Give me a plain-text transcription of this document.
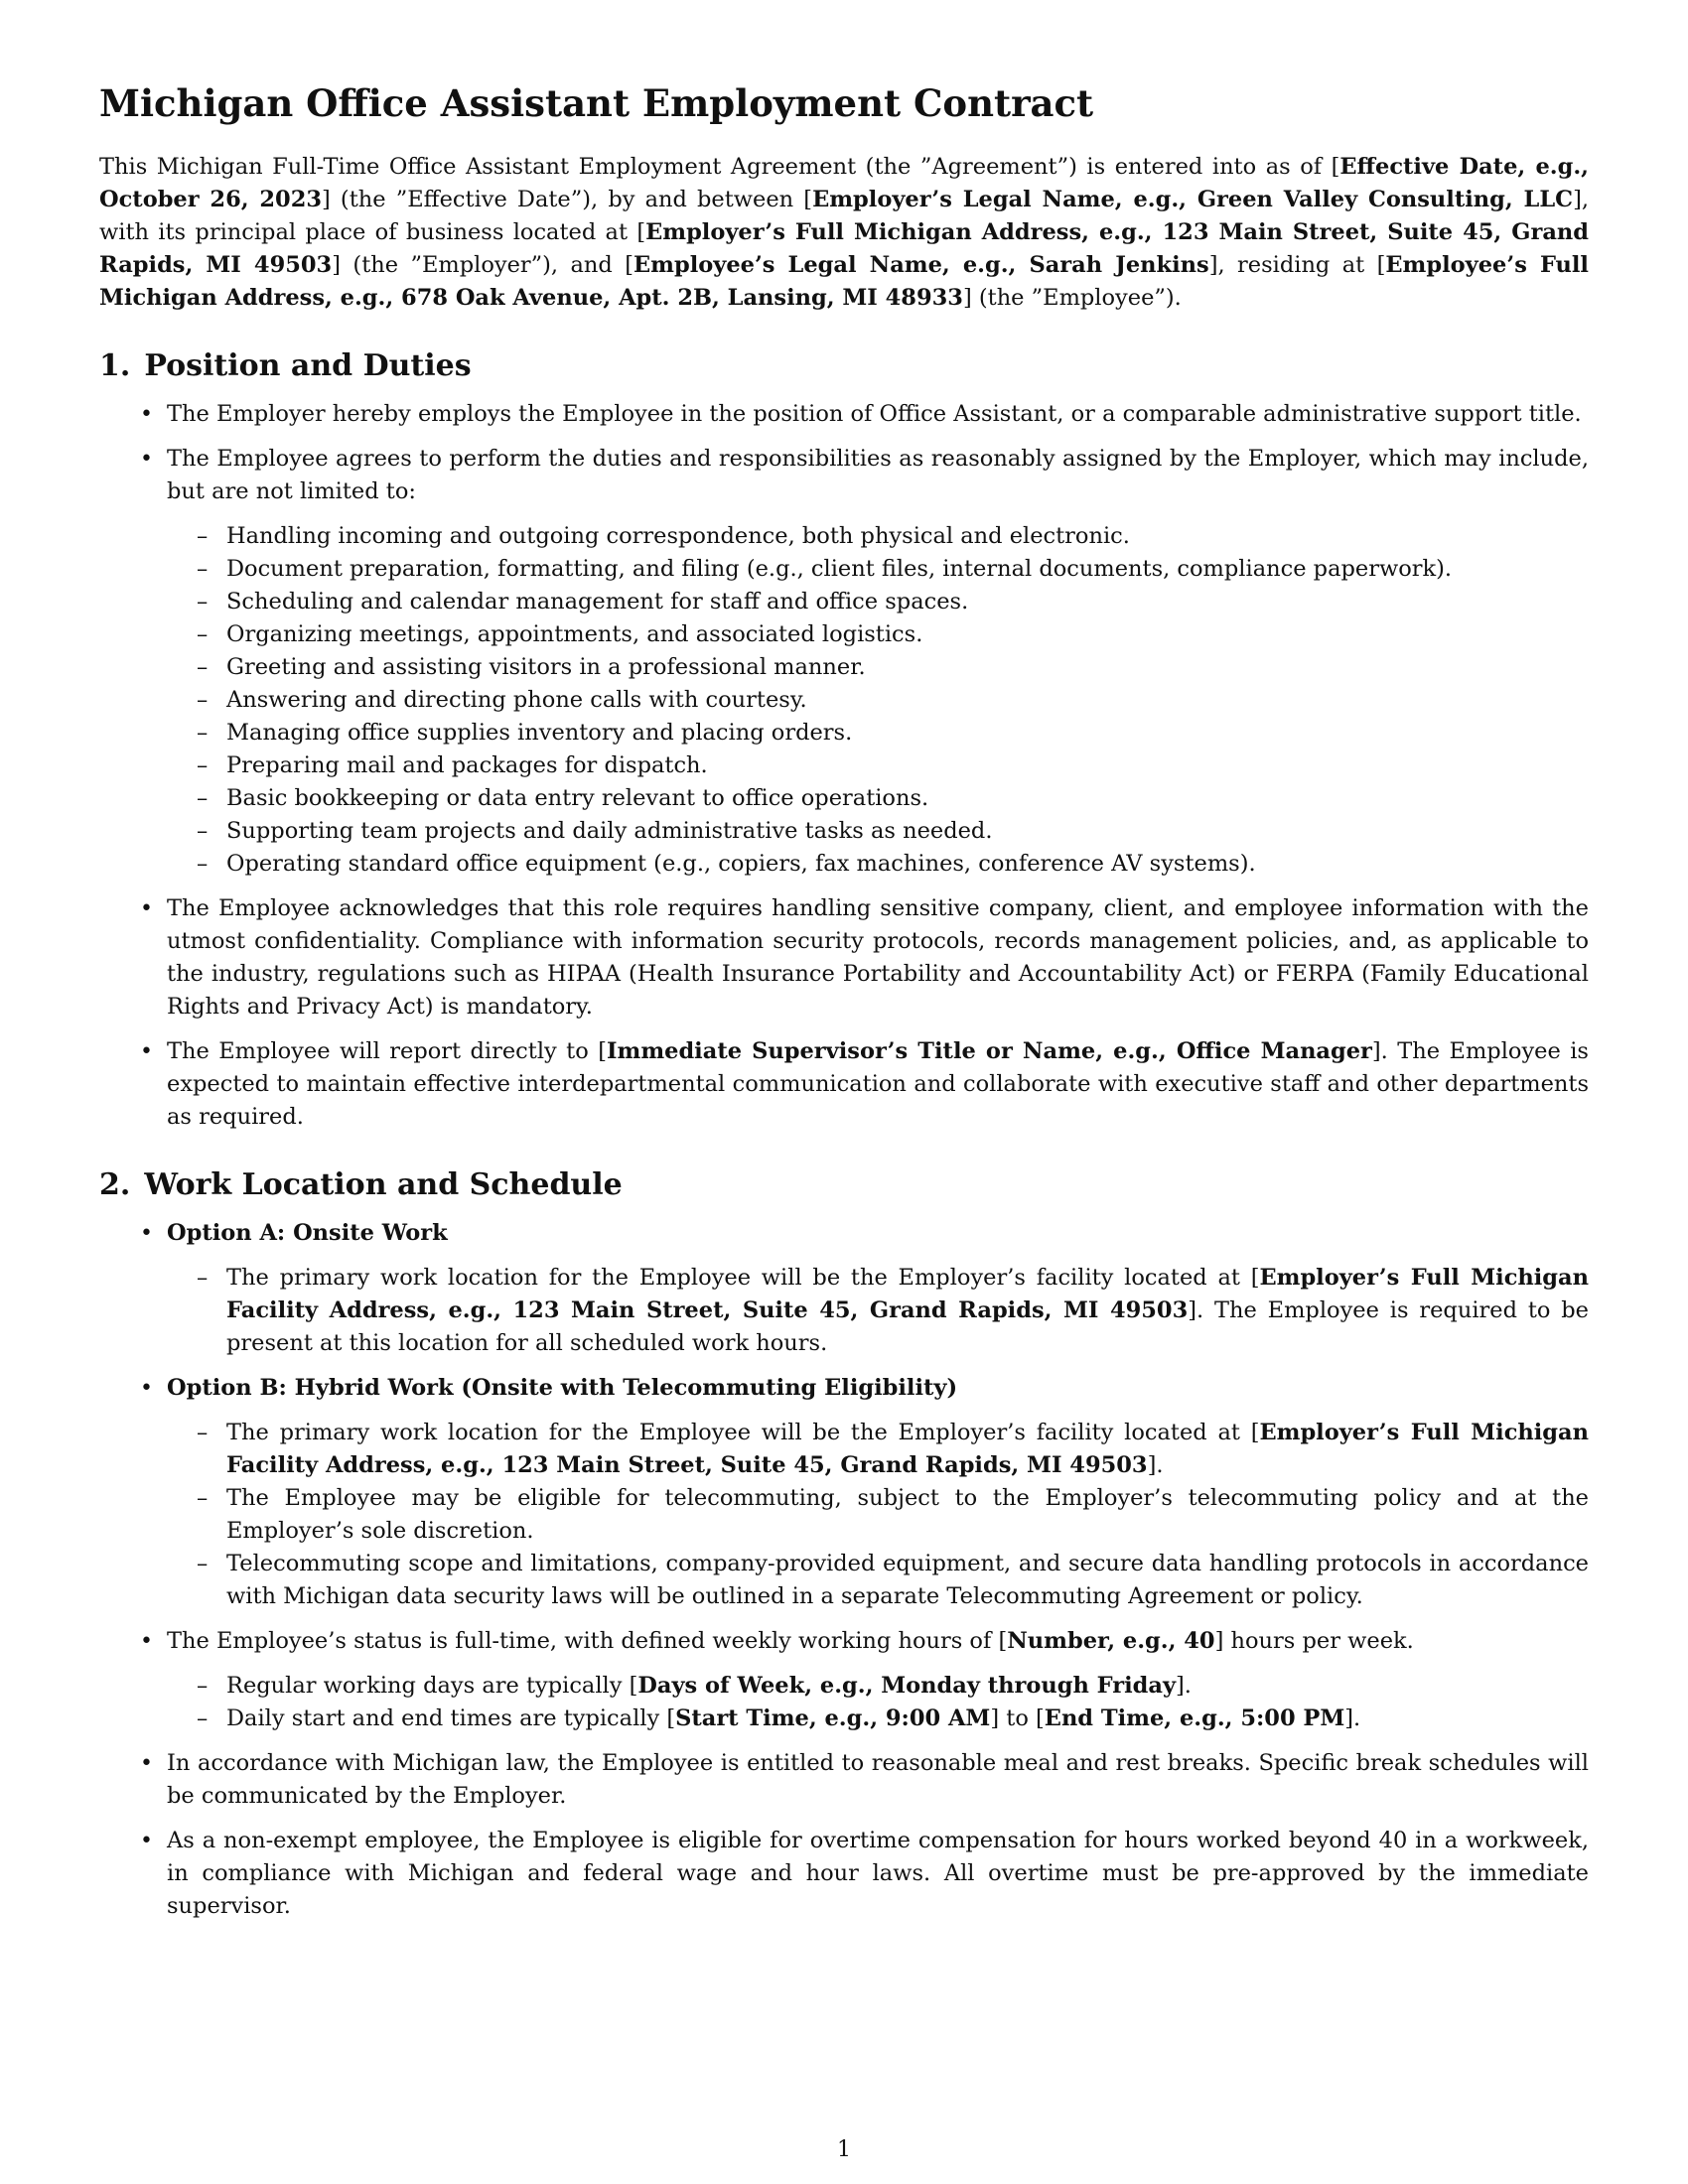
Michigan Office Assistant Employment Contract

This Michigan Full-Time Office Assistant Employment Agreement (the ”Agreement”) is entered into as of [Effective Date, e.g., October 26, 2023] (the ”Effective Date”), by and between [Employer’s Legal Name, e.g., Green Valley Consulting, LLC], with its principal place of business located at [Employer’s Full Michigan Address, e.g., 123 Main Street, Suite 45, Grand Rapids, MI 49503] (the ”Employer”), and [Employee’s Legal Name, e.g., Sarah Jenkins], residing at [Employee’s Full Michigan Address, e.g., 678 Oak Avenue, Apt. 2B, Lansing, MI 48933] (the ”Employee”).

1. Position and Duties
• The Employer hereby employs the Employee in the position of Office Assistant, or a comparable administrative support title.
• The Employee agrees to perform the duties and responsibilities as reasonably assigned by the Employer, which may include, but are not limited to:
– Handling incoming and outgoing correspondence, both physical and electronic.
– Document preparation, formatting, and filing (e.g., client files, internal documents, compliance paperwork).
– Scheduling and calendar management for staff and office spaces.
– Organizing meetings, appointments, and associated logistics.
– Greeting and assisting visitors in a professional manner.
– Answering and directing phone calls with courtesy.
– Managing office supplies inventory and placing orders.
– Preparing mail and packages for dispatch.
– Basic bookkeeping or data entry relevant to office operations.
– Supporting team projects and daily administrative tasks as needed.
– Operating standard office equipment (e.g., copiers, fax machines, conference AV systems).
• The Employee acknowledges that this role requires handling sensitive company, client, and employee information with the utmost confidentiality. Compliance with information security protocols, records management policies, and, as applicable to the industry, regulations such as HIPAA (Health Insurance Portability and Accountability Act) or FERPA (Family Educational Rights and Privacy Act) is mandatory.
• The Employee will report directly to [Immediate Supervisor’s Title or Name, e.g., Office Manager]. The Employee is expected to maintain effective interdepartmental communication and collaborate with executive staff and other departments as required.
2. Work Location and Schedule
• Option A: Onsite Work
– The primary work location for the Employee will be the Employer’s facility located at [Employer’s Full Michigan Facility Address, e.g., 123 Main Street, Suite 45, Grand Rapids, MI 49503]. The Employee is required to be present at this location for all scheduled work hours.
• Option B: Hybrid Work (Onsite with Telecommuting Eligibility)
– The primary work location for the Employee will be the Employer’s facility located at [Employer’s Full Michigan Facility Address, e.g., 123 Main Street, Suite 45, Grand Rapids, MI 49503].
– The Employee may be eligible for telecommuting, subject to the Employer’s telecommuting policy and at the Employer’s sole discretion.
– Telecommuting scope and limitations, company-provided equipment, and secure data handling protocols in accordance with Michigan data security laws will be outlined in a separate Telecommuting Agreement or policy.
• The Employee’s status is full-time, with defined weekly working hours of [Number, e.g., 40] hours per week.
– Regular working days are typically [Days of Week, e.g., Monday through Friday].
– Daily start and end times are typically [Start Time, e.g., 9:00 AM] to [End Time, e.g., 5:00 PM].
• In accordance with Michigan law, the Employee is entitled to reasonable meal and rest breaks. Specific break schedules will be communicated by the Employer.
• As a non-exempt employee, the Employee is eligible for overtime compensation for hours worked beyond 40 in a workweek, in compliance with Michigan and federal wage and hour laws. All overtime must be pre-approved by the immediate supervisor.
1
